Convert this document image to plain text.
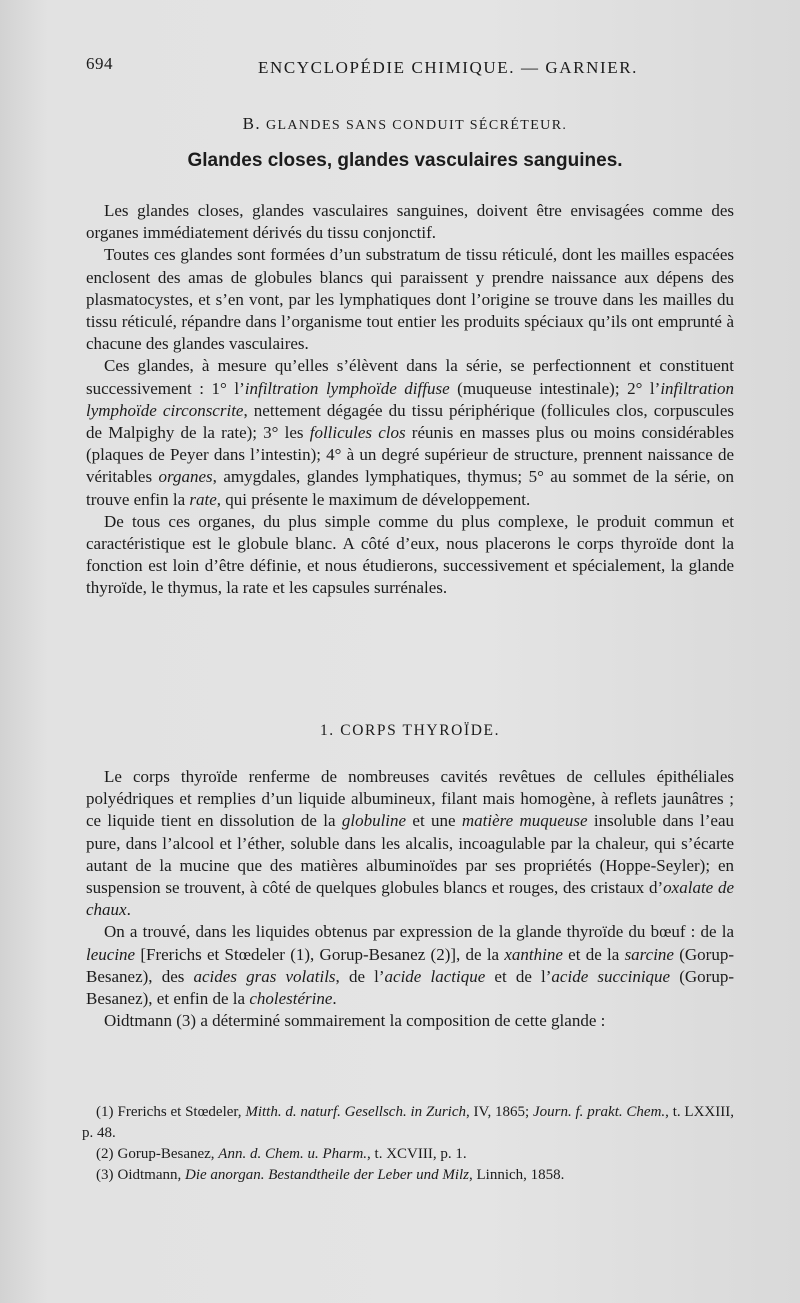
694	ENCYCLOPÉDIE CHIMIQUE. — GARNIER.
B. GLANDES SANS CONDUIT SÉCRÉTEUR.
Glandes closes, glandes vasculaires sanguines.

Les glandes closes, glandes vasculaires sanguines, doivent être envisagées comme des organes immédiatement dérivés du tissu conjonctif.

Toutes ces glandes sont formées d’un substratum de tissu réticulé, dont les mailles espacées enclosent des amas de globules blancs qui paraissent y prendre naissance aux dépens des plasmatocystes, et s’en vont, par les lymphatiques dont l’origine se trouve dans les mailles du tissu réticulé, répandre dans l’organisme tout entier les produits spéciaux qu’ils ont emprunté à chacune des glandes vasculaires.

Ces glandes, à mesure qu’elles s’élèvent dans la série, se perfectionnent et constituent successivement : 1° l’infiltration lymphoïde diffuse (muqueuse intestinale); 2° l’infiltration lymphoïde circonscrite, nettement dégagée du tissu périphérique (follicules clos, corpuscules de Malpighy de la rate); 3° les follicules clos réunis en masses plus ou moins considérables (plaques de Peyer dans l’intestin); 4° à un degré supérieur de structure, prennent naissance de véritables organes, amygdales, glandes lymphatiques, thymus; 5° au sommet de la série, on trouve enfin la rate, qui présente le maximum de développement.

De tous ces organes, du plus simple comme du plus complexe, le produit commun et caractéristique est le globule blanc. A côté d’eux, nous placerons le corps thyroïde dont la fonction est loin d’être définie, et nous étudierons, successivement et spécialement, la glande thyroïde, le thymus, la rate et les capsules surrénales.

1. CORPS THYROÏDE.

Le corps thyroïde renferme de nombreuses cavités revêtues de cellules épithéliales polyédriques et remplies d’un liquide albumineux, filant mais homogène, à reflets jaunâtres ; ce liquide tient en dissolution de la globuline et une matière muqueuse insoluble dans l’eau pure, dans l’alcool et l’éther, soluble dans les alcalis, incoagulable par la chaleur, qui s’écarte autant de la mucine que des matières albuminoïdes par ses propriétés (Hoppe-Seyler); en suspension se trouvent, à côté de quelques globules blancs et rouges, des cristaux d’oxalate de chaux.

On a trouvé, dans les liquides obtenus par expression de la glande thyroïde du bœuf : de la leucine [Frerichs et Stœdeler (1), Gorup-Besanez (2)], de la xanthine et de la sarcine (Gorup-Besanez), des acides gras volatils, de l’acide lactique et de l’acide succinique (Gorup-Besanez), et enfin de la cholestérine.

Oidtmann (3) a déterminé sommairement la composition de cette glande :

(1) Frerichs et Stœdeler, Mitth. d. naturf. Gesellsch. in Zurich, IV, 1865; Journ. f. prakt. Chem., t. LXXIII, p. 48.

(2) Gorup-Besanez, Ann. d. Chem. u. Pharm., t. XCVIII, p. 1.

(3) Oidtmann, Die anorgan. Bestandtheile der Leber und Milz, Linnich, 1858.
